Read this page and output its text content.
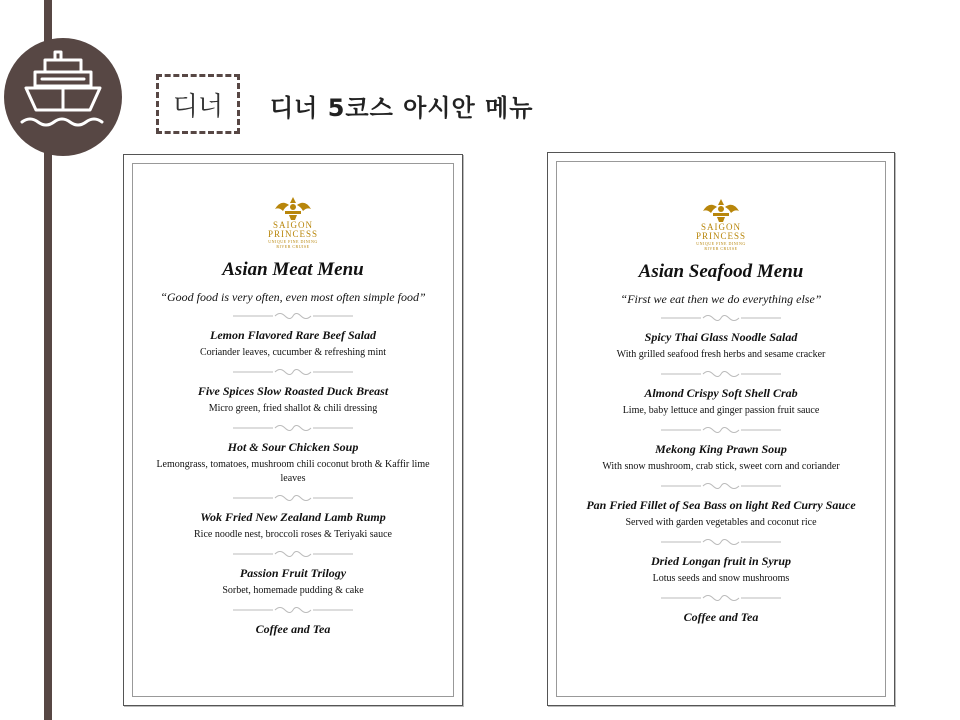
디너 디너 5코스 아시안 메뉴
SAIGON
PRINCESS
UNIQUE FINE DINING
RIVER CRUISE
Asian Meat Menu
“Good food is very often, even most often simple food”
Lemon Flavored Rare Beef Salad
Coriander leaves, cucumber & refreshing mint
Five Spices Slow Roasted Duck Breast
Micro green, fried shallot & chili dressing
Hot & Sour Chicken Soup
Lemongrass, tomatoes, mushroom chili coconut broth & Kaffir lime leaves
Wok Fried New Zealand Lamb Rump
Rice noodle nest, broccoli roses & Teriyaki sauce
Passion Fruit Trilogy
Sorbet, homemade pudding & cake
Coffee and Tea
SAIGON
PRINCESS
UNIQUE FINE DINING
RIVER CRUISE
Asian Seafood Menu
“First we eat then we do everything else”
Spicy Thai Glass Noodle Salad
With grilled seafood fresh herbs and sesame cracker
Almond Crispy Soft Shell Crab
Lime, baby lettuce and ginger passion fruit sauce
Mekong King Prawn Soup
With snow mushroom, crab stick, sweet corn and coriander
Pan Fried Fillet of Sea Bass on light Red Curry Sauce
Served with garden vegetables and coconut rice
Dried Longan fruit in Syrup
Lotus seeds and snow mushrooms
Coffee and Tea
